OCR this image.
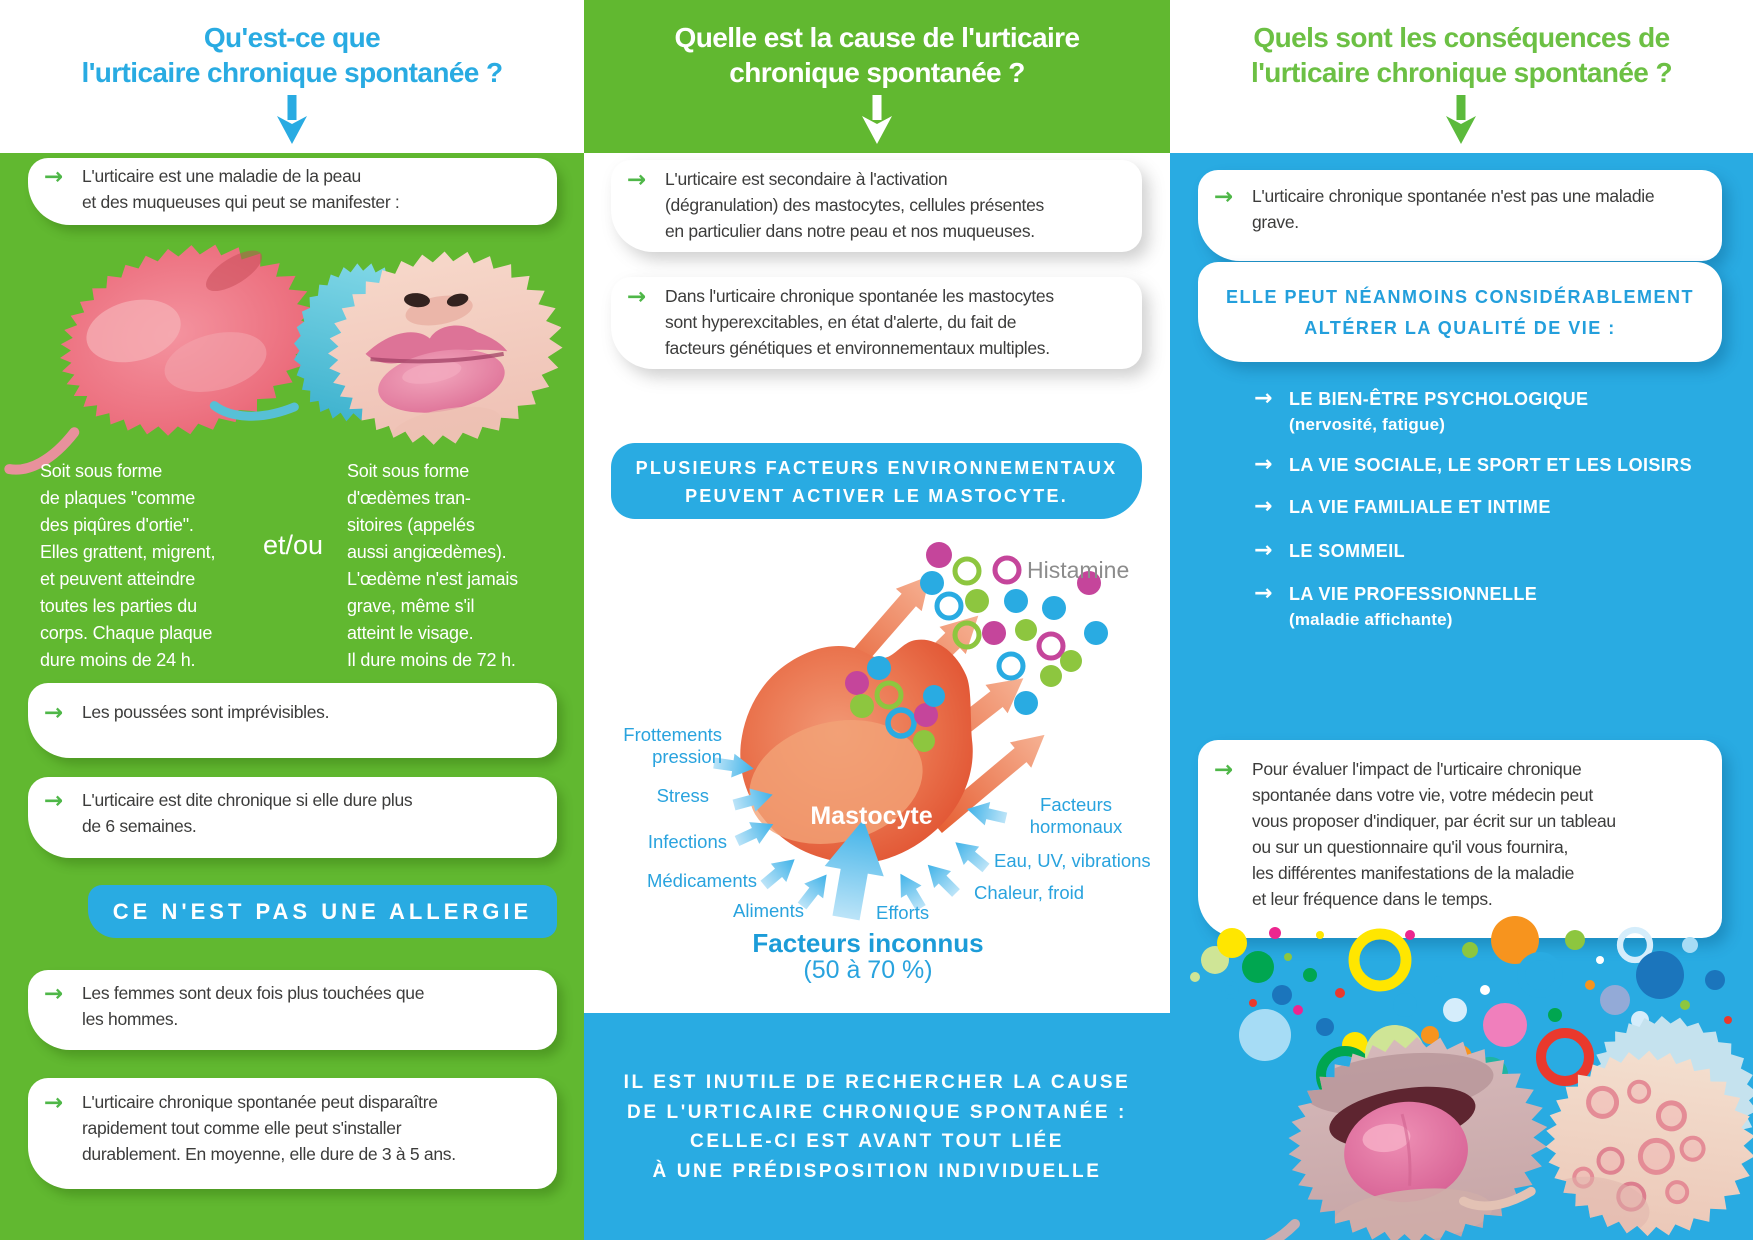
Qu'est-ce que
l'urticaire chronique spontanée ?
→	L'urticaire est une maladie de la peau
et des muqueuses qui peut se manifester :
Soit sous forme
de plaques "comme
des piqûres d'ortie".
Elles grattent, migrent,
et peuvent atteindre
toutes les parties du
corps. Chaque plaque
dure moins de 24 h.
et/ou
Soit sous forme
d'œdèmes tran-
sitoires (appelés
aussi angiœdèmes).
L'œdème n'est jamais
grave, même s'il
atteint le visage.
Il dure moins de 72 h.
→	Les poussées sont imprévisibles.
→	L'urticaire est dite chronique si elle dure plus
de 6 semaines.
CE N'EST PAS UNE ALLERGIE
→	Les femmes sont deux fois plus touchées que
les hommes.
→	L'urticaire chronique spontanée peut disparaître
rapidement tout comme elle peut s'installer
durablement. En moyenne, elle dure de 3 à 5 ans.
Quelle est la cause de l'urticaire
chronique spontanée ?
→	L'urticaire est secondaire à l'activation
(dégranulation) des mastocytes, cellules présentes
en particulier dans notre peau et nos muqueuses.
→	Dans l'urticaire chronique spontanée les mastocytes
sont hyperexcitables, en état d'alerte, du fait de
facteurs génétiques et environnementaux multiples.
PLUSIEURS FACTEURS ENVIRONNEMENTAUX
PEUVENT ACTIVER LE MASTOCYTE.
Histamine
Frottements
pression
Stress
Infections
Médicaments
Aliments
Facteurs
hormonaux
Eau, UV, vibrations
Chaleur, froid
Efforts
Mastocyte
Facteurs inconnus
(50 à 70 %)
IL EST INUTILE DE RECHERCHER LA CAUSE
DE L'URTICAIRE CHRONIQUE SPONTANÉE :
CELLE-CI EST AVANT TOUT LIÉE
À UNE PRÉDISPOSITION INDIVIDUELLE
Quels sont les conséquences de
l'urticaire chronique spontanée ?
→	L'urticaire chronique spontanée n'est pas une maladie
grave.
ELLE PEUT NÉANMOINS CONSIDÉRABLEMENT
ALTÉRER LA QUALITÉ DE VIE :
→ LE BIEN-ÊTRE PSYCHOLOGIQUE
(nervosité, fatigue)
→ LA VIE SOCIALE, LE SPORT ET LES LOISIRS
→ LA VIE FAMILIALE ET INTIME
→ LE SOMMEIL
→ LA VIE PROFESSIONNELLE
(maladie affichante)
→	Pour évaluer l'impact de l'urticaire chronique
spontanée dans votre vie, votre médecin peut
vous proposer d'indiquer, par écrit sur un tableau
ou sur un questionnaire qu'il vous fournira,
les différentes manifestations de la maladie
et leur fréquence dans le temps.
